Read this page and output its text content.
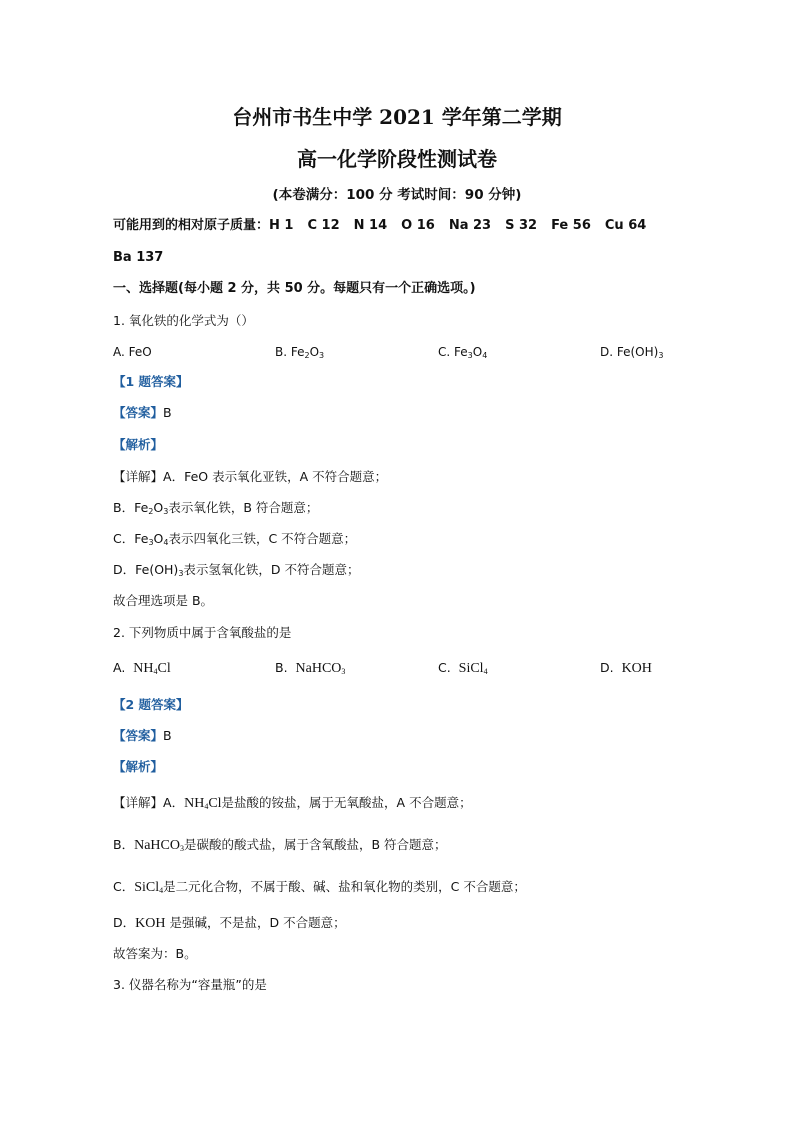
台州市书生中学 2021 学年第二学期
高一化学阶段性测试卷
(本卷满分：100 分 考试时间：90 分钟)
可能用到的相对原子质量：H 1 C 12 N 14 O 16 Na 23 S 32 Fe 56 Cu 64
Ba 137
一、选择题(每小题 2 分，共 50 分。每题只有一个正确选项。)
1. 氧化铁的化学式为（）
A. FeO	B. $Fe_2O_3$	C. $Fe_3O_4$	D. $Fe(OH)_3$
【1 题答案】
【答案】B
【解析】
【详解】A．FeO 表示氧化亚铁，A 不符合题意；
B．$Fe_2O_3$表示氧化铁，B 符合题意；
C．$Fe_3O_4$表示四氧化三铁，C 不符合题意；
D．$Fe(OH)_3$表示氢氧化铁，D 不符合题意；
故合理选项是 B。
2. 下列物质中属于含氧酸盐的是
A. $NH_4Cl$	B. NaHCO$_3$	C. SiCl$_4$	D. KOH
【2 题答案】
【答案】B
【解析】
【详解】A．$NH_4Cl$是盐酸的铵盐，属于无氧酸盐，A 不合题意；
B．NaHCO$_3$是碳酸的酸式盐，属于含氧酸盐，B 符合题意；
C．SiCl$_4$是二元化合物，不属于酸、碱、盐和氧化物的类别，C 不合题意；
D．KOH 是强碱，不是盐，D 不合题意；
故答案为：B。
3. 仪器名称为“容量瓶”的是
